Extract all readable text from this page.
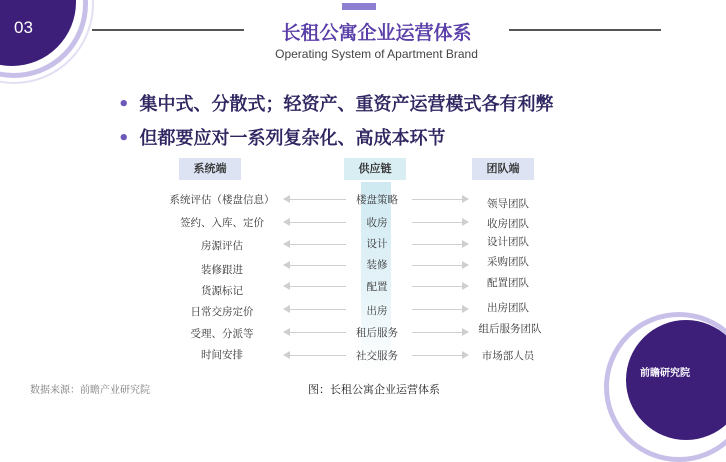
03
前瞻研究院
长租公寓企业运营体系
Operating System of Apartment Brand
• 集中式、分散式；轻资产、重资产运营模式各有利弊
• 但都要应对一系列复杂化、高成本环节
系统端	供应链	团队端
系统评估（楼盘信息）	楼盘策略	领导团队
签约、入库、定价	收房	收房团队
房源评估	设计	设计团队
装修跟进	装修	采购团队
货源标记	配置	配置团队
日常交房定价	出房	出房团队
受理、分派等	租后服务	组后服务团队
时间安排	社交服务	市场部人员
数据来源：前瞻产业研究院	图：长租公寓企业运营体系
